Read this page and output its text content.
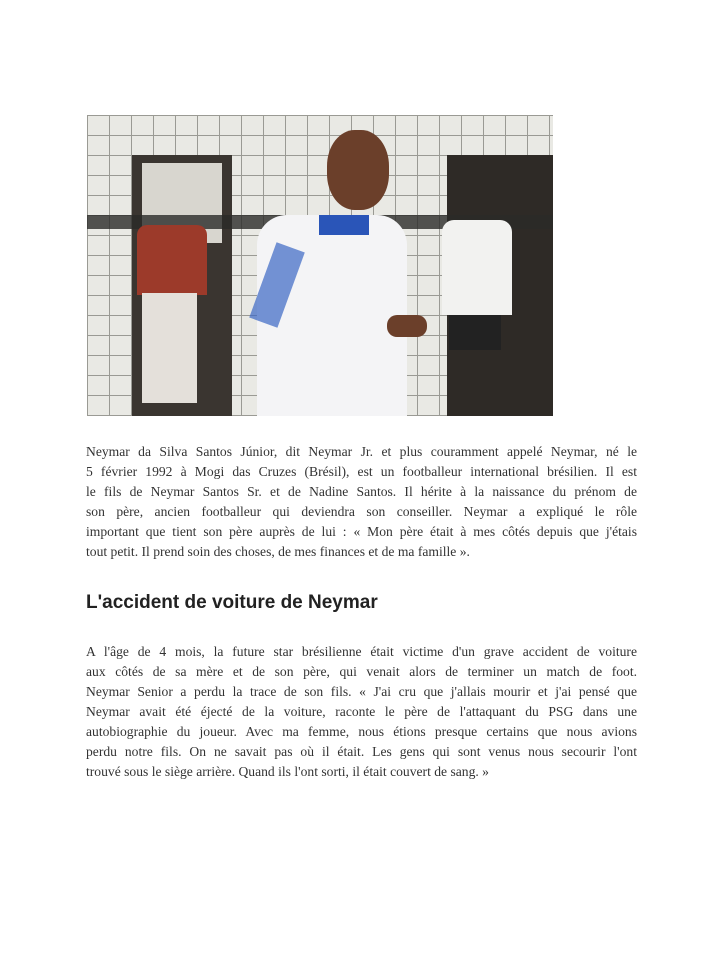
Neymar da Silva Santos Júnior, dit Neymar Jr. et plus couramment appelé Neymar, né le
5 février 1992 à Mogi das Cruzes (Brésil), est un footballeur international brésilien. Il est
le fils de Neymar Santos Sr. et de Nadine Santos. Il hérite à la naissance du prénom de
son père, ancien footballeur qui deviendra son conseiller. Neymar a expliqué le rôle
important que tient son père auprès de lui : « Mon père était à mes côtés depuis que j'étais
tout petit. Il prend soin des choses, de mes finances et de ma famille ».
L'accident de voiture de Neymar
A l'âge de 4 mois, la future star brésilienne était victime d'un grave accident de voiture
aux côtés de sa mère et de son père, qui venait alors de terminer un match de foot.
Neymar Senior a perdu la trace de son fils. « J'ai cru que j'allais mourir et j'ai pensé que
Neymar avait été éjecté de la voiture, raconte le père de l'attaquant du PSG dans une
autobiographie du joueur. Avec ma femme, nous étions presque certains que nous avions
perdu notre fils. On ne savait pas où il était. Les gens qui sont venus nous secourir l'ont
trouvé sous le siège arrière. Quand ils l'ont sorti, il était couvert de sang. »
